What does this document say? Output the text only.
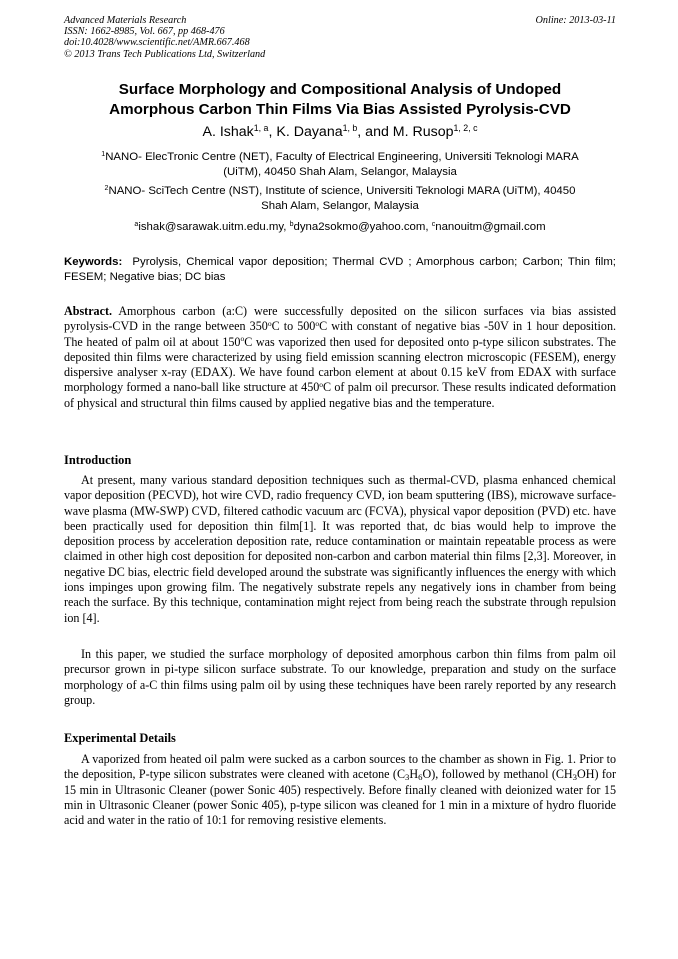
Advanced Materials Research
ISSN: 1662-8985, Vol. 667, pp 468-476
doi:10.4028/www.scientific.net/AMR.667.468
© 2013 Trans Tech Publications Ltd, Switzerland
Online: 2013-03-11
Surface Morphology and Compositional Analysis of Undoped
Amorphous Carbon Thin Films Via Bias Assisted Pyrolysis-CVD
A. Ishak$^{1, a}$, K. Dayana$^{1, b}$, and M. Rusop$^{1, 2, c}$
$^1$NANO- ElecTronic Centre (NET), Faculty of Electrical Engineering, Universiti Teknologi MARA
(UiTM), 40450 Shah Alam, Selangor, Malaysia
$^2$NANO- SciTech Centre (NST), Institute of science, Universiti Teknologi MARA (UiTM), 40450
Shah Alam, Selangor, Malaysia
$^a$ishak@sarawak.uitm.edu.my, $^b$dyna2sokmo@yahoo.com, $^c$nanouitm@gmail.com
Keywords: Pyrolysis, Chemical vapor deposition; Thermal CVD ; Amorphous carbon; Carbon; Thin film; FESEM; Negative bias; DC bias
Abstract. Amorphous carbon (a:C) were successfully deposited on the silicon surfaces via bias assisted pyrolysis-CVD in the range between 350$^o$C to 500$^o$C with constant of negative bias -50V in 1 hour deposition. The heated of palm oil at about 150$^o$C was vaporized then used for deposited onto p-type silicon substrates. The deposited thin films were characterized by using field emission scanning electron microscopic (FESEM), energy dispersive analyser x-ray (EDAX). We have found carbon element at about 0.15 keV from EDAX with surface morphology formed a nano-ball like structure at 450$^o$C of palm oil precursor. These results indicated deformation of physical and structural thin films caused by applied negative bias and the temperature.
Introduction

At present, many various standard deposition techniques such as thermal-CVD, plasma enhanced chemical vapor deposition (PECVD), hot wire CVD, radio frequency CVD, ion beam sputtering (IBS), microwave surface-wave plasma (MW-SWP) CVD, filtered cathodic vacuum arc (FCVA), physical vapor deposition (PVD) etc. have been practically used for deposition thin film[1]. It was reported that, dc bias would help to improve the deposition process by acceleration deposition rate, reduce contamination or maintain repeatable process as were claimed in other high cost deposition for deposited non-carbon and carbon material thin films [2,3]. Moreover, in negative DC bias, electric field developed around the substrate was significantly influences the energy with which ions impinges upon growing film. The negatively substrate repels any negatively ions in chamber from being reach the surface. By this technique, contamination might reject from being reach the substrate through repulsion ion [4].

In this paper, we studied the surface morphology of deposited amorphous carbon thin films from palm oil precursor grown in pi-type silicon surface substrate. To our knowledge, preparation and study on the surface morphology of a-C thin films using palm oil by using these techniques have been rarely reported by any research group.

Experimental Details

A vaporized from heated oil palm were sucked as a carbon sources to the chamber as shown in Fig. 1. Prior to the deposition, P-type silicon substrates were cleaned with acetone $(C_3H_6O)$, followed by methanol $(CH_3OH)$ for 15 min in Ultrasonic Cleaner (power Sonic 405) respectively. Before finally cleaned with deionized water for 15 min in Ultrasonic Cleaner (power Sonic 405), p-type silicon was cleaned for 1 min in a mixture of hydro fluoride acid and water in the ratio of 10:1 for removing resistive elements.
